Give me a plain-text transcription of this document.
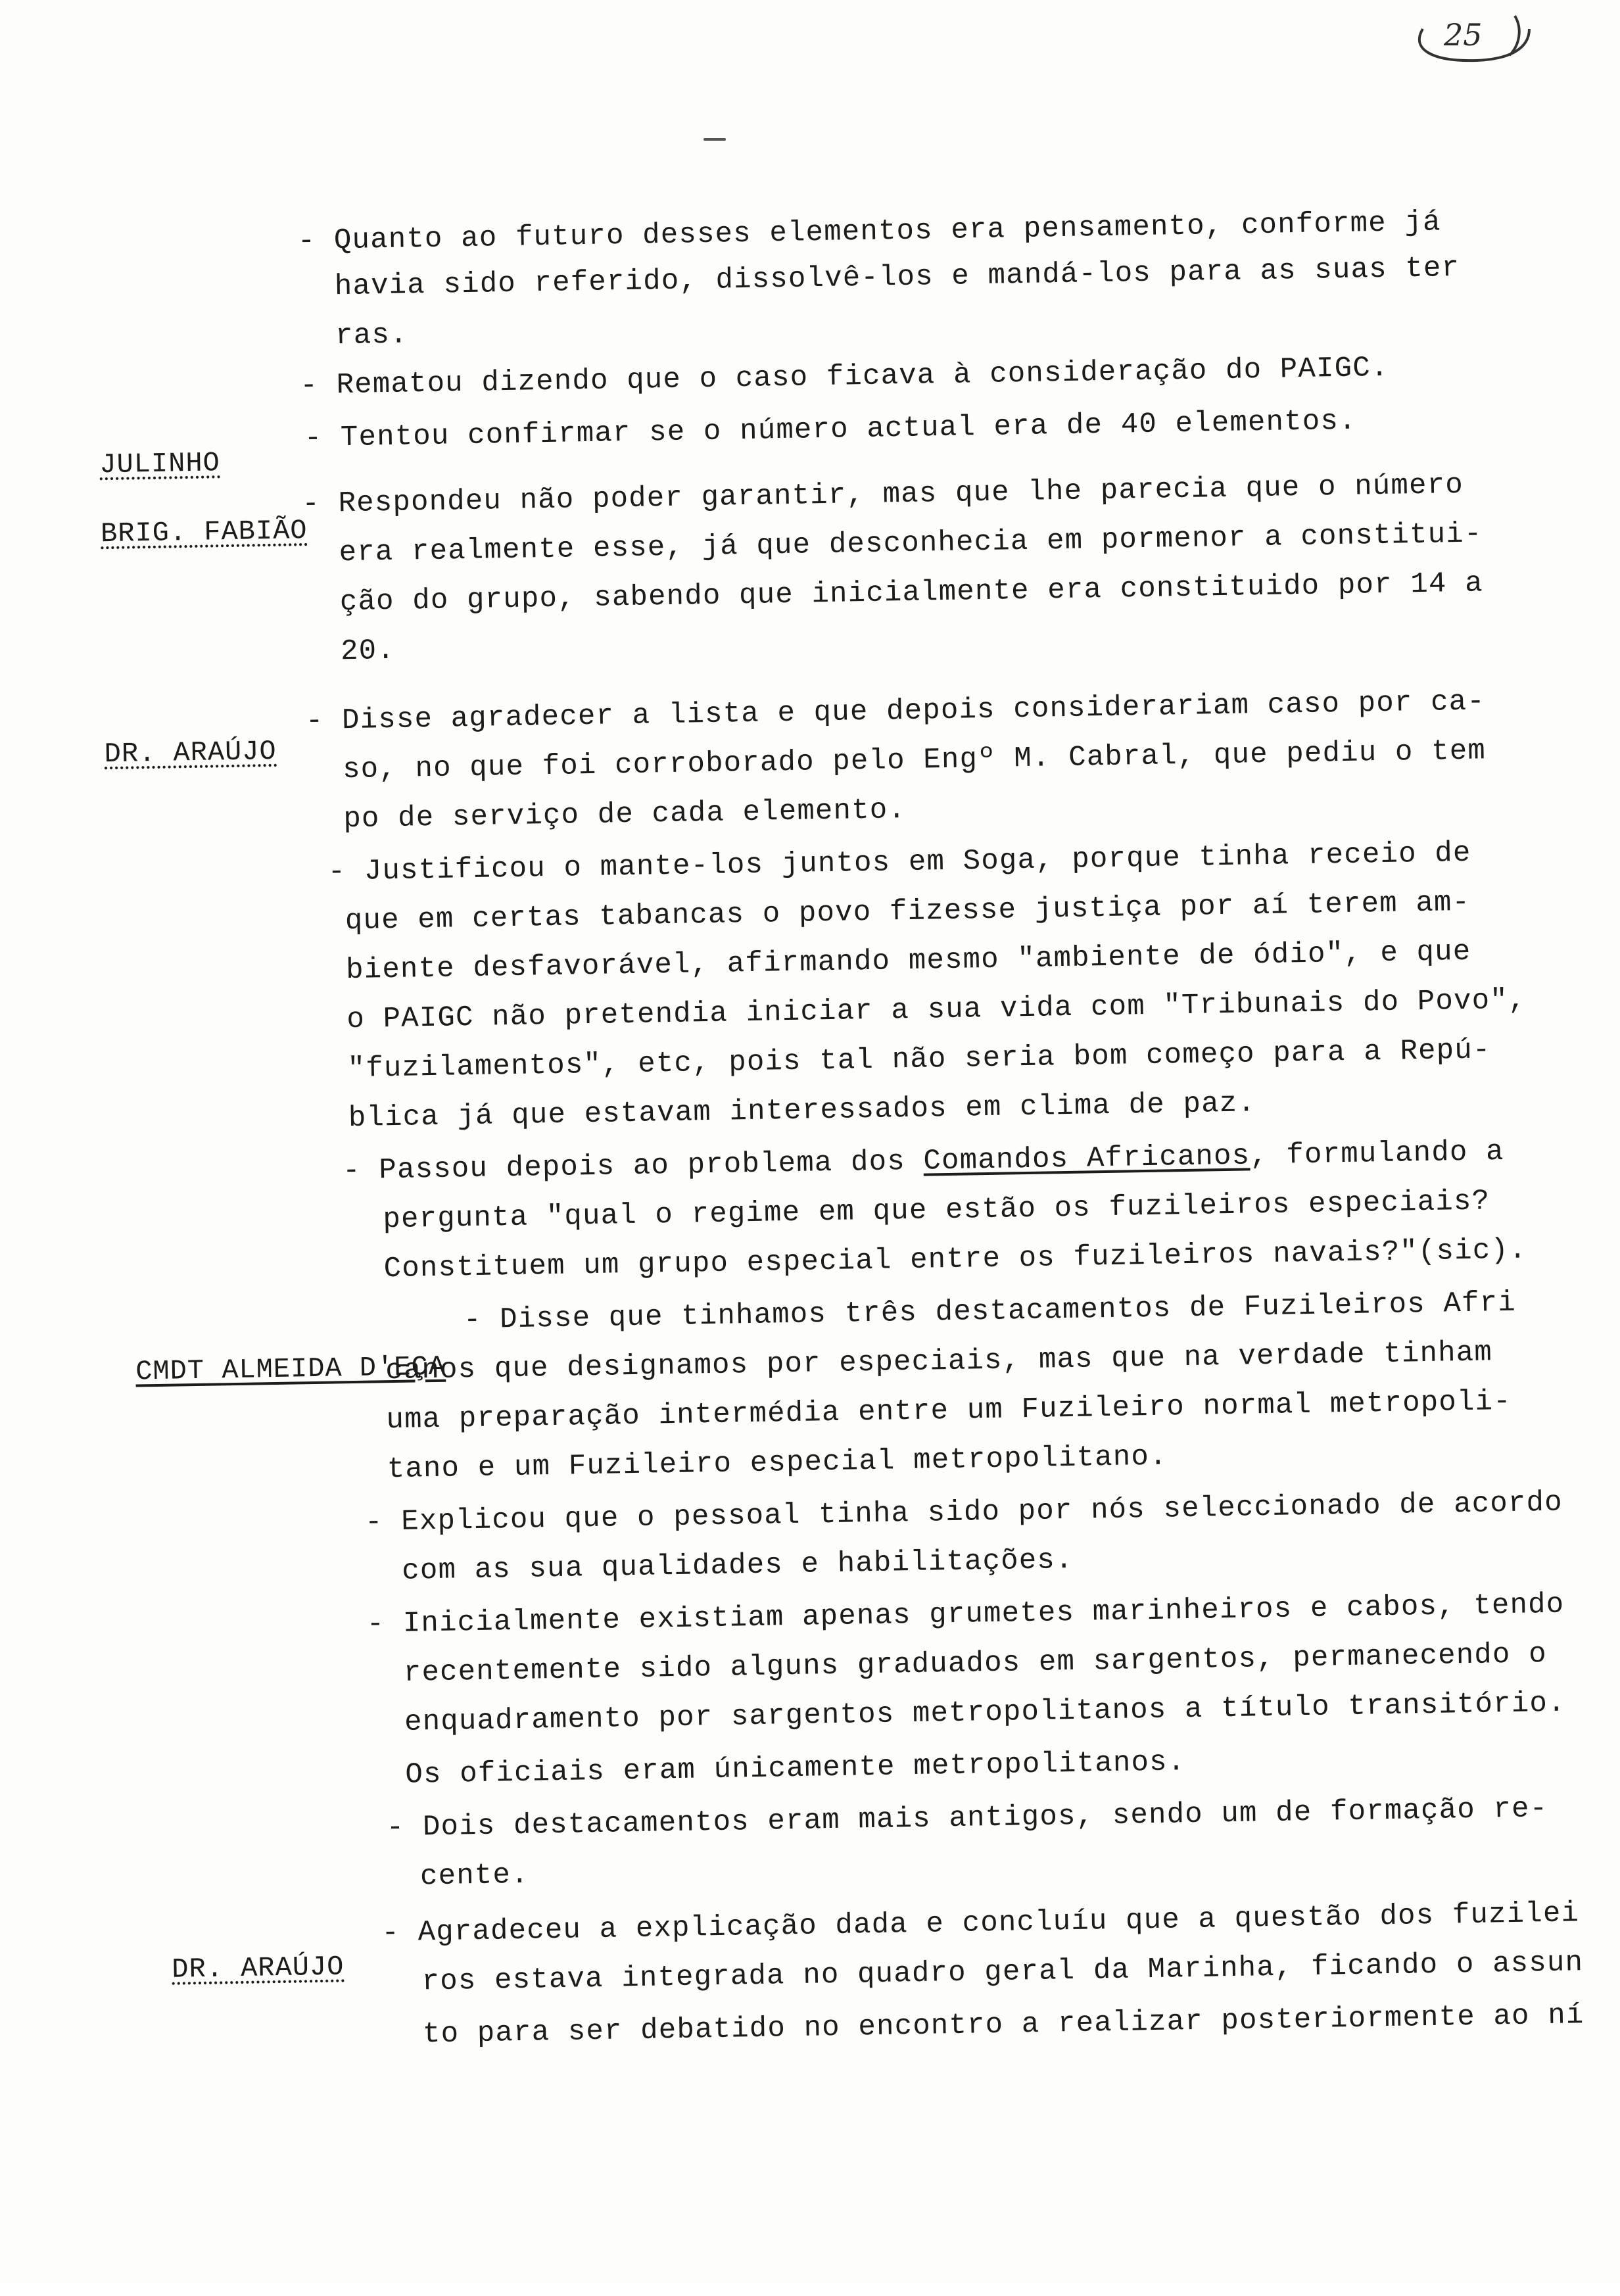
25
- Quanto ao futuro desses elementos era pensamento, conforme já
havia sido referido, dissolvê-los e mandá-los para as suas ter
ras.
- Rematou dizendo que o caso ficava à consideração do PAIGC.
JULINHO
- Tentou confirmar se o número actual era de 40 elementos.
BRIG. FABIÃO
- Respondeu não poder garantir, mas que lhe parecia que o número
era realmente esse, já que desconhecia em pormenor a constitui-
ção do grupo, sabendo que inicialmente era constituido por 14 a
20.
DR. ARAÚJO
- Disse agradecer a lista e que depois considerariam caso por ca-
so, no que foi corroborado pelo Engº M. Cabral, que pediu o tem
po de serviço de cada elemento.
- Justificou o mante-los juntos em Soga, porque tinha receio de
que em certas tabancas o povo fizesse justiça por aí terem am-
biente desfavorável, afirmando mesmo "ambiente de ódio", e que
o PAIGC não pretendia iniciar a sua vida com "Tribunais do Povo",
"fuzilamentos", etc, pois tal não seria bom começo para a Repú-
blica já que estavam interessados em clima de paz.
- Passou depois ao problema dos Comandos Africanos, formulando a
pergunta "qual o regime em que estão os fuzileiros especiais?
Constituem um grupo especial entre os fuzileiros navais?"(sic).
CMDT ALMEIDA D'EÇA
- Disse que tinhamos três destacamentos de Fuzileiros Afri
canos que designamos por especiais, mas que na verdade tinham
uma preparação intermédia entre um Fuzileiro normal metropoli-
tano e um Fuzileiro especial metropolitano.
- Explicou que o pessoal tinha sido por nós seleccionado de acordo
com as sua qualidades e habilitações.
- Inicialmente existiam apenas grumetes marinheiros e cabos, tendo
recentemente sido alguns graduados em sargentos, permanecendo o
enquadramento por sargentos metropolitanos a título transitório.
Os oficiais eram únicamente metropolitanos.
- Dois destacamentos eram mais antigos, sendo um de formação re-
cente.
DR. ARAÚJO
- Agradeceu a explicação dada e concluíu que a questão dos fuzilei
ros estava integrada no quadro geral da Marinha, ficando o assun
to para ser debatido no encontro a realizar posteriormente ao ní
